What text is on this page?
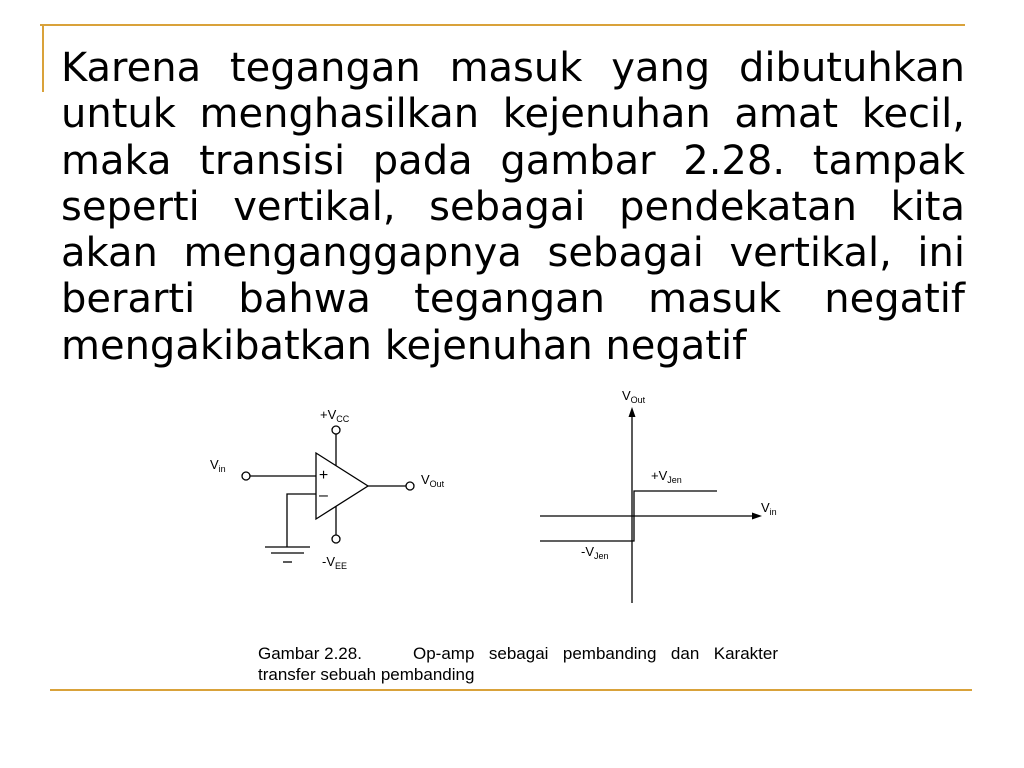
Karena tegangan masuk yang dibutuhkan untuk menghasilkan kejenuhan amat kecil, maka transisi pada gambar 2.28. tampak seperti vertikal, sebagai pendekatan kita akan menganggapnya sebagai vertikal, ini berarti bahwa tegangan masuk negatif mengakibatkan kejenuhan negatif

+
–
$+V_{CC}$
$-V_{EE}$
$V_{in}$
$V_{Out}$
$V_{Out}$
$V_{in}$
$+V_{Jen}$
$-V_{Jen}$
Gambar 2.28.	Op-amp sebagai pembanding dan Karakter
transfer sebuah pembanding
